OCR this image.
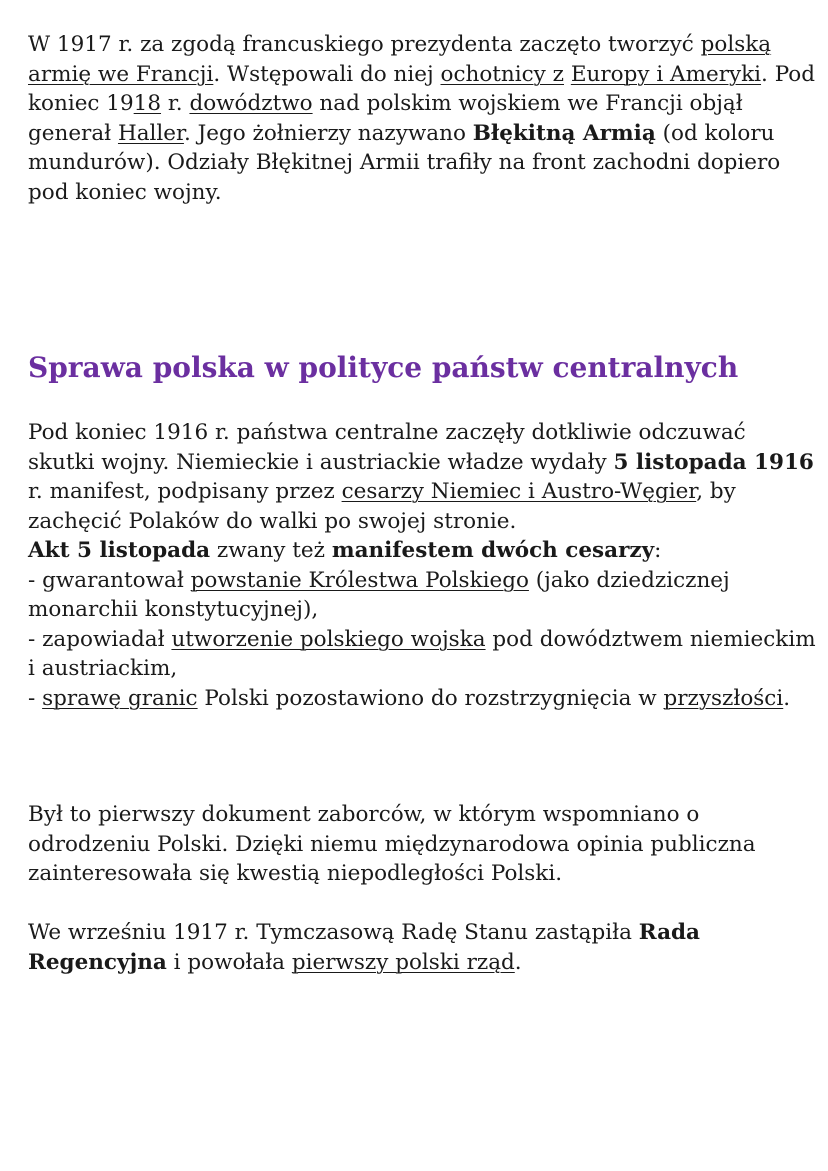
W 1917 r. za zgodą francuskiego prezydenta zaczęto tworzyć polską armię we Francji. Wstępowali do niej ochotnicy z Europy i Ameryki. Pod koniec 1918 r. dowództwo nad polskim wojskiem we Francji objął generał Haller. Jego żołnierzy nazywano Błękitną Armią (od koloru mundurów). Odziały Błękitnej Armii trafiły na front zachodni dopiero pod koniec wojny.

Sprawa polska w polityce państw centralnych

Pod koniec 1916 r. państwa centralne zaczęły dotkliwie odczuwać skutki wojny. Niemieckie i austriackie władze wydały 5 listopada 1916 r. manifest, podpisany przez cesarzy Niemiec i Austro-Węgier, by zachęcić Polaków do walki po swojej stronie.
Akt 5 listopada zwany też manifestem dwóch cesarzy:
- gwarantował powstanie Królestwa Polskiego (jako dziedzicznej monarchii konstytucyjnej),
- zapowiadał utworzenie polskiego wojska pod dowództwem niemieckim i austriackim,
- sprawę granic Polski pozostawiono do rozstrzygnięcia w przyszłości.

Był to pierwszy dokument zaborców, w którym wspomniano o odrodzeniu Polski. Dzięki niemu międzynarodowa opinia publiczna zainteresowała się kwestią niepodległości Polski.

We wrześniu 1917 r. Tymczasową Radę Stanu zastąpiła Rada Regencyjna i powołała pierwszy polski rząd.
